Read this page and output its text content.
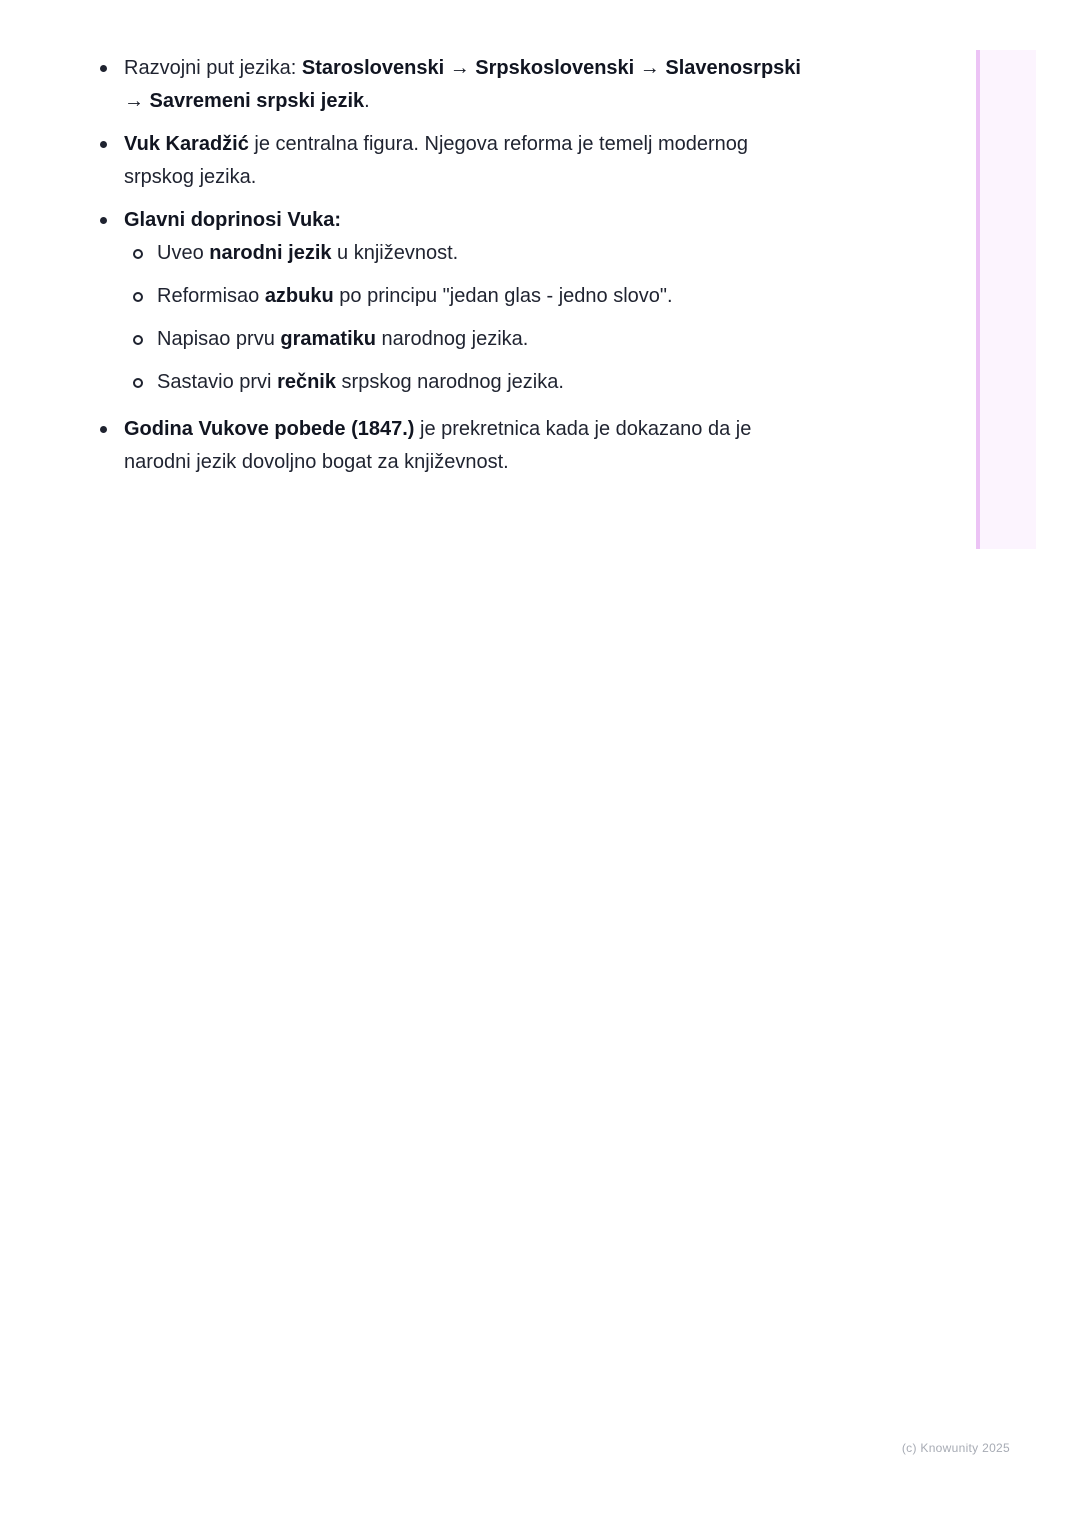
Razvojni put jezika: Staroslovenski → Srpskoslovenski → Slavenosrpski
→ Savremeni srpski jezik.
Vuk Karadžić je centralna figura. Njegova reforma je temelj modernog
srpskog jezika.
Glavni doprinosi Vuka:
Uveo narodni jezik u književnost.
Reformisao azbuku po principu "jedan glas - jedno slovo".
Napisao prvu gramatiku narodnog jezika.
Sastavio prvi rečnik srpskog narodnog jezika.
Godina Vukove pobede (1847.) je prekretnica kada je dokazano da je
narodni jezik dovoljno bogat za književnost.
(c) Knowunity 2025
